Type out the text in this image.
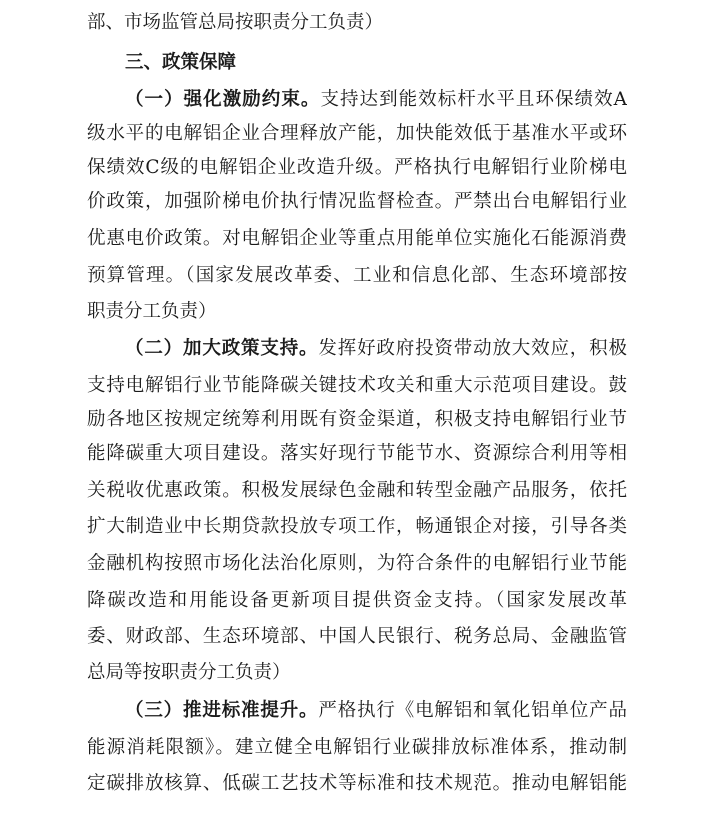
部、市场监管总局按职责分工负责）
三、政策保障
（一）强化激励约束。支持达到能效标杆水平且环保绩效A
级水平的电解铝企业合理释放产能，加快能效低于基准水平或环
保绩效C级的电解铝企业改造升级。严格执行电解铝行业阶梯电
价政策，加强阶梯电价执行情况监督检查。严禁出台电解铝行业
优惠电价政策。对电解铝企业等重点用能单位实施化石能源消费
预算管理。（国家发展改革委、工业和信息化部、生态环境部按
职责分工负责）
（二）加大政策支持。发挥好政府投资带动放大效应，积极
支持电解铝行业节能降碳关键技术攻关和重大示范项目建设。鼓
励各地区按规定统筹利用既有资金渠道，积极支持电解铝行业节
能降碳重大项目建设。落实好现行节能节水、资源综合利用等相
关税收优惠政策。积极发展绿色金融和转型金融产品服务，依托
扩大制造业中长期贷款投放专项工作，畅通银企对接，引导各类
金融机构按照市场化法治化原则，为符合条件的电解铝行业节能
降碳改造和用能设备更新项目提供资金支持。（国家发展改革
委、财政部、生态环境部、中国人民银行、税务总局、金融监管
总局等按职责分工负责）
（三）推进标准提升。严格执行《电解铝和氧化铝单位产品
能源消耗限额》。建立健全电解铝行业碳排放标准体系，推动制
定碳排放核算、低碳工艺技术等标准和技术规范。推动电解铝能
